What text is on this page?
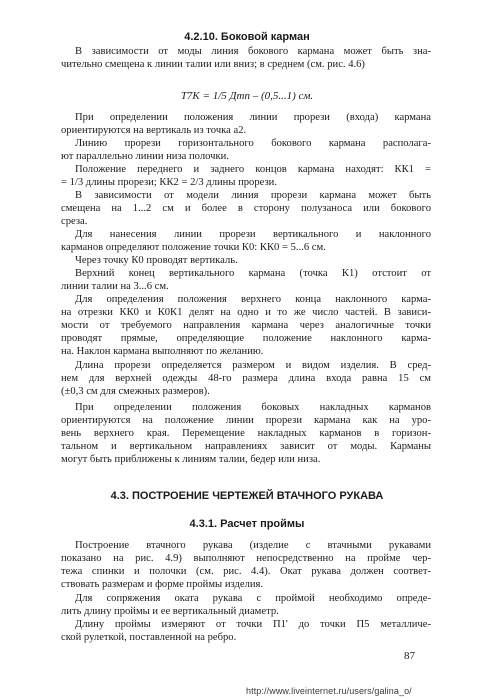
4.2.10. Боковой карман
В зависимости от моды линия бокового кармана может быть зна-
чительно смещена к линии талии или вниз; в среднем (см. рис. 4.6)
T7K = 1/5 Дтп – (0,5...1) см.
При определении положения линии прорези (входа) кармана
ориентируются на вертикаль из точка а2.
Линию прорези горизонтального бокового кармана располага-
ют параллельно линии низа полочки.
Положение переднего и заднего концов кармана находят: КК1 =
= 1/3 длины прорези; КК2 = 2/3 длины прорези.
В зависимости от модели линия прорези кармана может быть
смещена на 1...2 см и более в сторону полузаноса или бокового
среза.
Для нанесения линии прорези вертикального и наклонного
карманов определяют положение точки К0: КК0 = 5...6 см.
Через точку К0 проводят вертикаль.
Верхний конец вертикального кармана (точка К1) отстоит от
линии талии на 3...6 см.
Для определения положения верхнего конца наклонного карма-
на отрезки КК0 и К0К1 делят на одно и то же число частей. В зависи-
мости от требуемого направления кармана через аналогичные точки
проводят прямые, определяющие положение наклонного карма-
на. Наклон кармана выполняют по желанию.
Длина прорези определяется размером и видом изделия. В сред-
нем для верхней одежды 48-го размера длина входа равна 15 см
(±0,3 см для смежных размеров).
При определении положения боковых накладных карманов
ориентируются на положение линии прорези кармана как на уро-
вень верхнего края. Перемещение накладных карманов в горизон-
тальном и вертикальном направлениях зависит от моды. Карманы
могут быть приближены к линиям талии, бедер или низа.
4.3. ПОСТРОЕНИЕ ЧЕРТЕЖЕЙ ВТАЧНОГО РУКАВА
4.3.1. Расчет проймы
Построение втачного рукава (изделие с втачными рукавами
показано на рис. 4.9) выполняют непосредственно на пройме чер-
тежа спинки и полочки (см. рис. 4.4). Окат рукава должен соответ-
ствовать размерам и форме проймы изделия.
Для сопряжения оката рукава с проймой необходимо опреде-
лить длину проймы и ее вертикальный диаметр.
Длину проймы измеряют от точки П1' до точки П5 металличе-
ской рулеткой, поставленной на ребро.
87
http://www.liveinternet.ru/users/galina_o/
